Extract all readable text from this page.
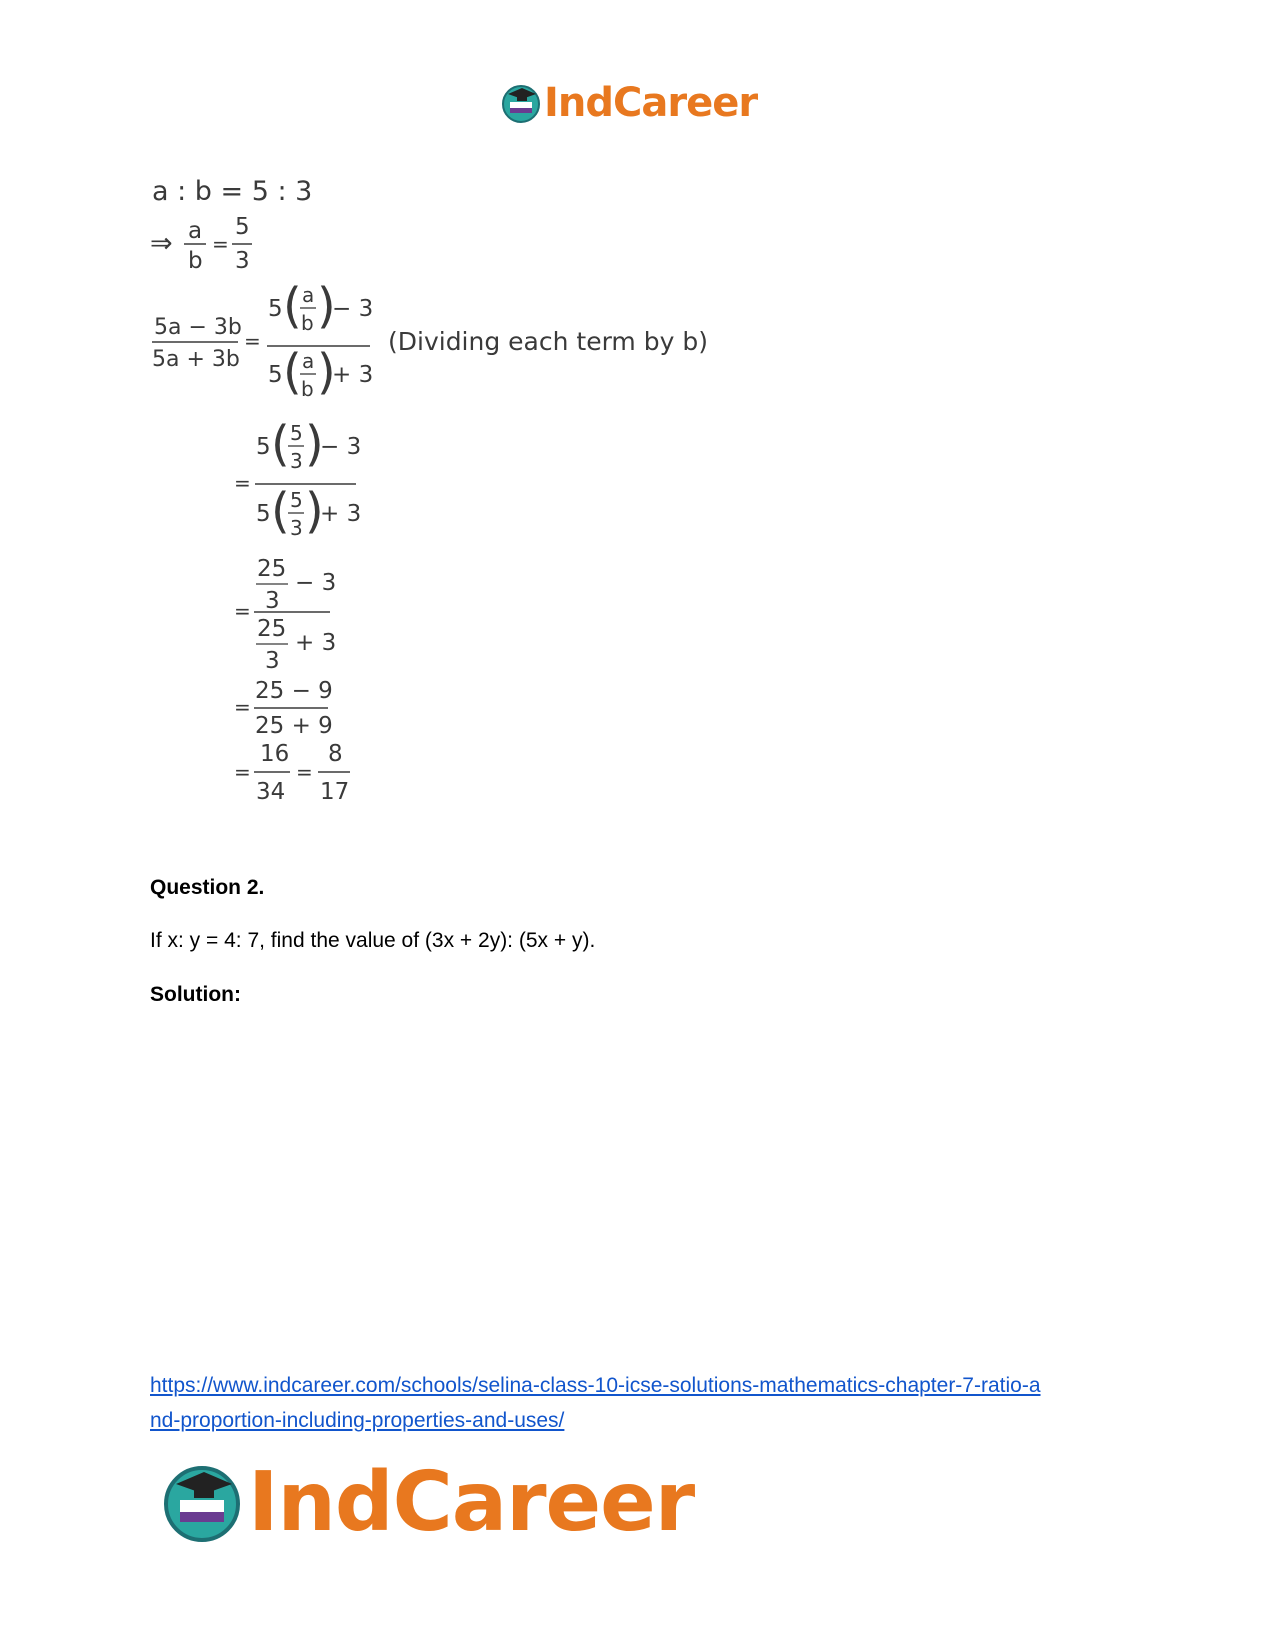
IndCareer
a : b = 5 : 3
⇒ a
b
=
5
3
5a − 3b
5a + 3b
=
5 ( a
b )
− 3
5 ( a
b )
+ 3
(Dividing each term by b)
=
5 ( 5
3 )
− 3
5 ( 5
3 )
+ 3
=
25
3
− 3
25
3
+ 3
=
25 − 9
25 + 9
=
16
34
=
8
17
Question 2.
If x: y = 4: 7, find the value of (3x + 2y): (5x + y).
Solution:
https://www.indcareer.com/schools/selina-class-10-icse-solutions-mathematics-chapter-7-ratio-a
nd-proportion-including-properties-and-uses/
IndCareer
